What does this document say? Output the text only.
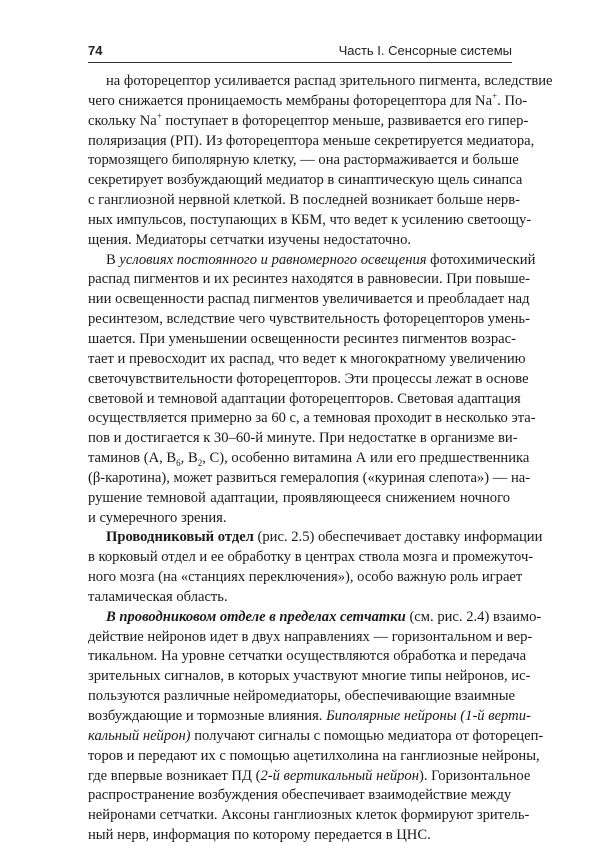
74	Часть I. Сенсорные системы
на фоторецептор усиливается распад зрительного пигмента, вследствие
чего снижается проницаемость мембраны фоторецептора для Na+. По-
скольку Na+ поступает в фоторецептор меньше, развивается его гипер-
поляризация (РП). Из фоторецептора меньше секретируется медиатора,
тормозящего биполярную клетку, — она растормаживается и больше
секретирует возбуждающий медиатор в синаптическую щель синапса
с ганглиозной нервной клеткой. В последней возникает больше нерв-
ных импульсов, поступающих в КБМ, что ведет к усилению светоощу-
щения. Медиаторы сетчатки изучены недостаточно.
В условиях постоянного и равномерного освещения фотохимический
распад пигментов и их ресинтез находятся в равновесии. При повыше-
нии освещенности распад пигментов увеличивается и преобладает над
ресинтезом, вследствие чего чувствительность фоторецепторов умень-
шается. При уменьшении освещенности ресинтез пигментов возрас-
тает и превосходит их распад, что ведет к многократному увеличению
светочувствительности фоторецепторов. Эти процессы лежат в основе
световой и темновой адаптации фоторецепторов. Световая адаптация
осуществляется примерно за 60 с, а темновая проходит в несколько эта-
пов и достигается к 30–60-й минуте. При недостатке в организме ви-
таминов (А, $В_6$, $В_2$, С), особенно витамина А или его предшественника
(β-каротина), может развиться гемералопия («куриная слепота») — на-
рушение темновой адаптации, проявляющееся снижением ночного
и сумеречного зрения.
Проводниковый отдел (рис. 2.5) обеспечивает доставку информации
в корковый отдел и ее обработку в центрах ствола мозга и промежуточ-
ного мозга (на «станциях переключения»), особо важную роль играет
таламическая область.
В проводниковом отделе в пределах сетчатки (см. рис. 2.4) взаимо-
действие нейронов идет в двух направлениях — горизонтальном и вер-
тикальном. На уровне сетчатки осуществляются обработка и передача
зрительных сигналов, в которых участвуют многие типы нейронов, ис-
пользуются различные нейромедиаторы, обеспечивающие взаимные
возбуждающие и тормозные влияния. Биполярные нейроны (1-й верти-
кальный нейрон) получают сигналы с помощью медиатора от фоторецеп-
торов и передают их с помощью ацетилхолина на ганглиозные нейроны,
где впервые возникает ПД (2-й вертикальный нейрон). Горизонтальное
распространение возбуждения обеспечивает взаимодействие между
нейронами сетчатки. Аксоны ганглиозных клеток формируют зритель-
ный нерв, информация по которому передается в ЦНС.
